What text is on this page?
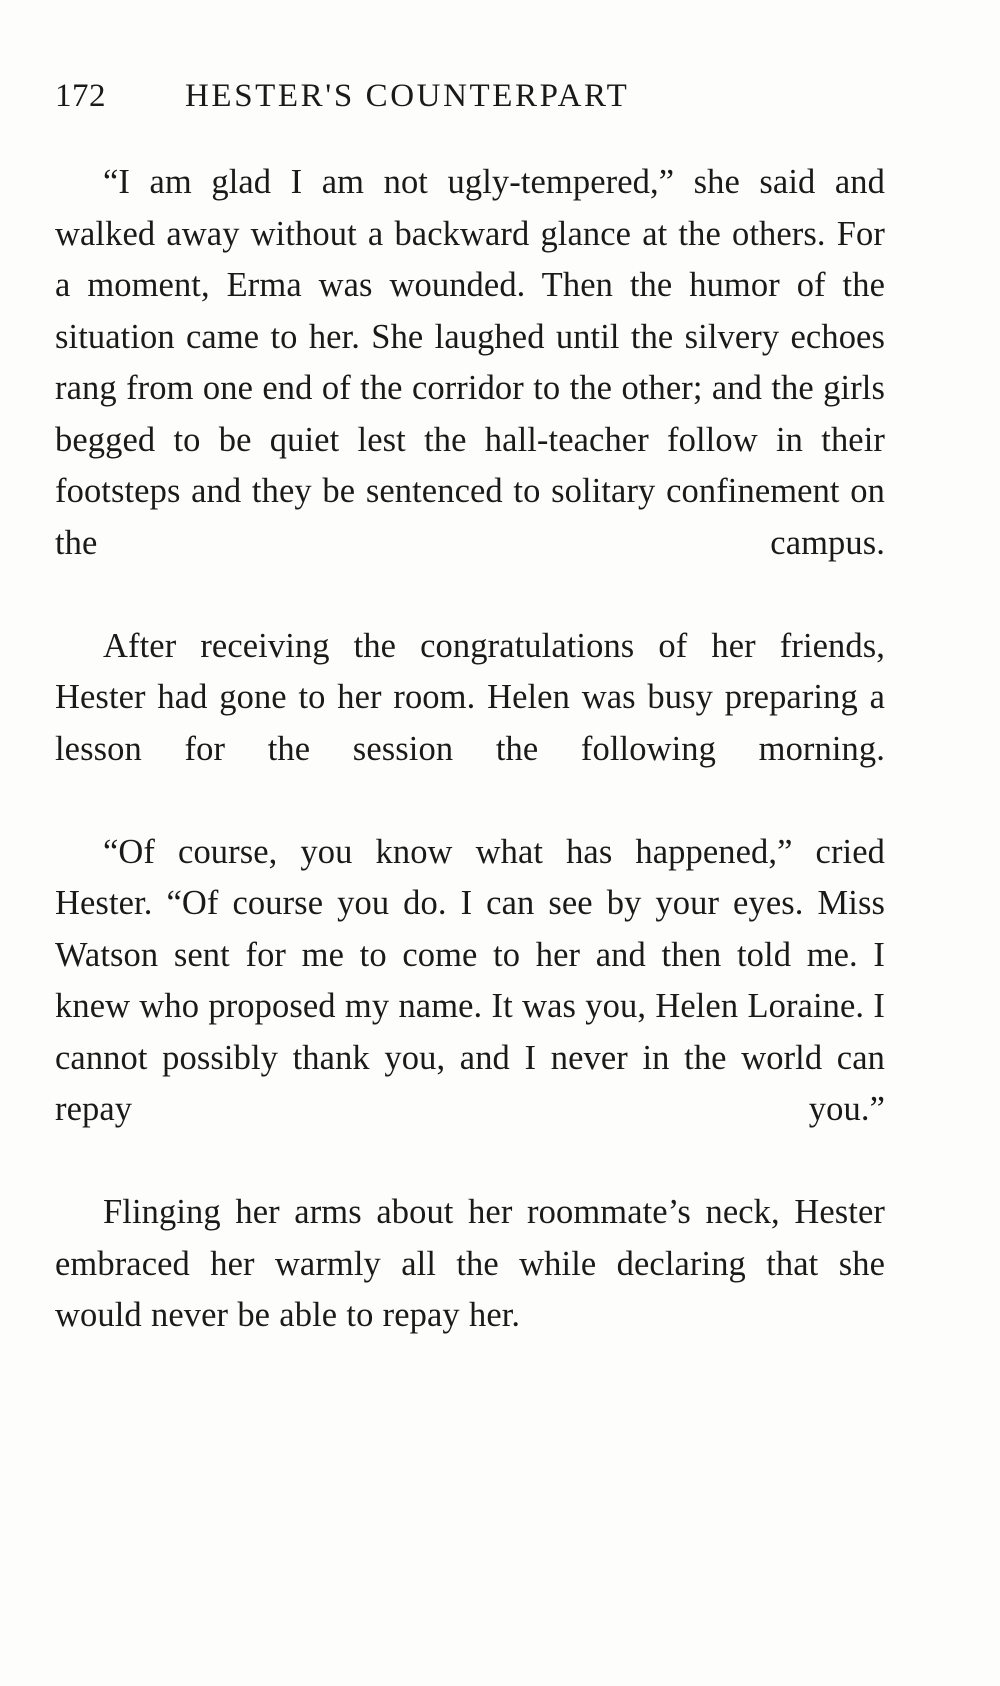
172	HESTER'S COUNTERPART

“I am glad I am not ugly-tempered,” she said and walked away without a backward glance at the others. For a moment, Erma was wounded. Then the humor of the situation came to her. She laughed until the silvery echoes rang from one end of the corridor to the other; and the girls begged to be quiet lest the hall-teacher follow in their footsteps and they be sentenced to solitary confinement on the campus.

After receiving the congratulations of her friends, Hester had gone to her room. Helen was busy preparing a lesson for the session the following morning.

“Of course, you know what has happened,” cried Hester. “Of course you do. I can see by your eyes. Miss Watson sent for me to come to her and then told me. I knew who proposed my name. It was you, Helen Loraine. I cannot possibly thank you, and I never in the world can repay you.”

Flinging her arms about her roommate’s neck, Hester embraced her warmly all the while declaring that she would never be able to repay her.
